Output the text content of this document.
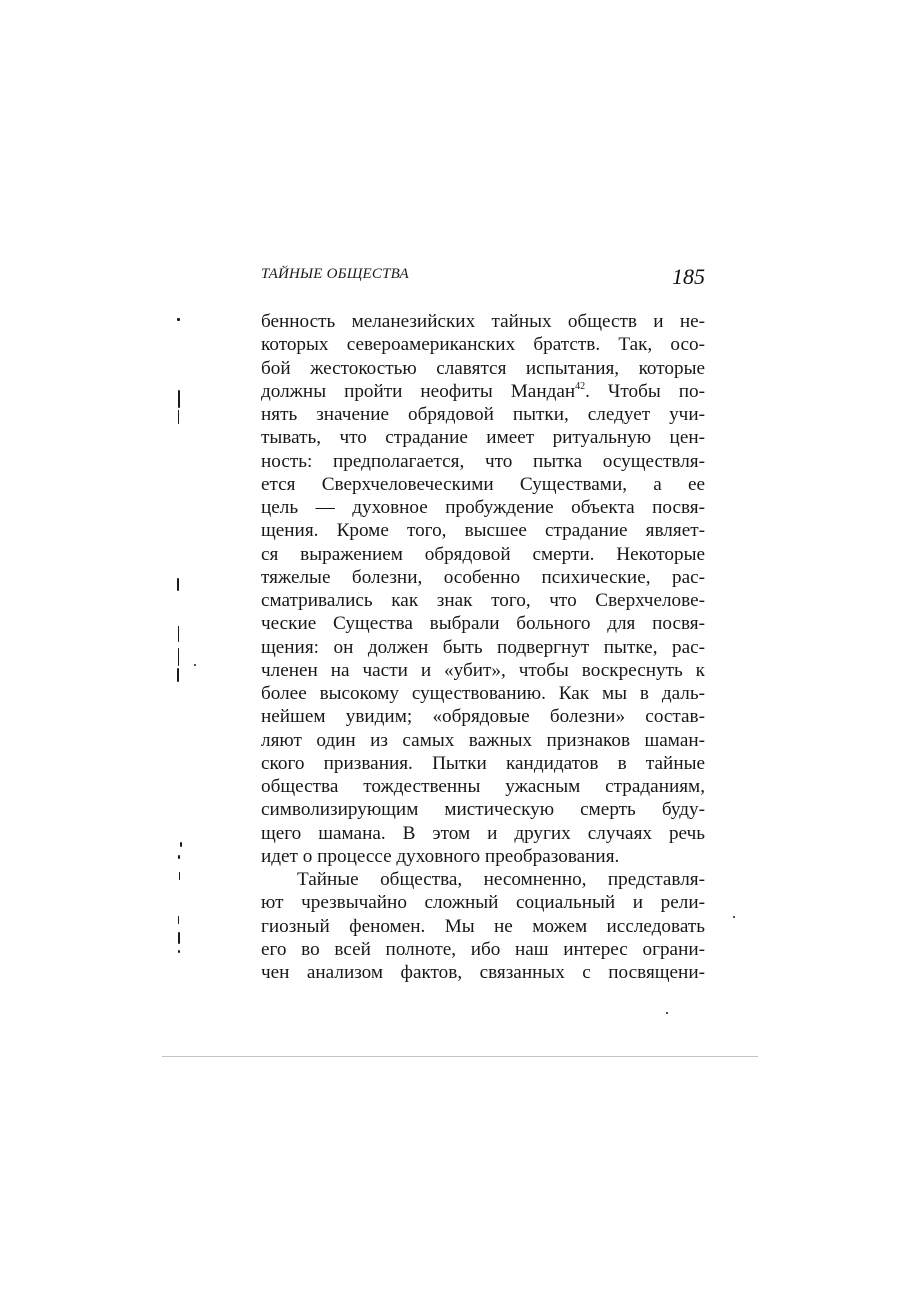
ТАЙНЫЕ ОБЩЕСТВА	185
бенность меланезийских тайных обществ и не-
которых североамериканских братств. Так, осо-
бой жестокостью славятся испытания, которые
должны пройти неофиты Мандан$^{42}$. Чтобы по-
нять значение обрядовой пытки, следует учи-
тывать, что страдание имеет ритуальную цен-
ность: предполагается, что пытка осуществля-
ется Сверхчеловеческими Существами, а ее
цель — духовное пробуждение объекта посвя-
щения. Кроме того, высшее страдание являет-
ся выражением обрядовой смерти. Некоторые
тяжелые болезни, особенно психические, рас-
сматривались как знак того, что Сверхчелове-
ческие Существа выбрали больного для посвя-
щения: он должен быть подвергнут пытке, рас-
членен на части и «убит», чтобы воскреснуть к
более высокому существованию. Как мы в даль-
нейшем увидим; «обрядовые болезни» состав-
ляют один из самых важных признаков шаман-
ского призвания. Пытки кандидатов в тайные
общества тождественны ужасным страданиям,
символизирующим мистическую смерть буду-
щего шамана. В этом и других случаях речь
идет о процессе духовного преобразования.
Тайные общества, несомненно, представля-
ют чрезвычайно сложный социальный и рели-
гиозный феномен. Мы не можем исследовать
его во всей полноте, ибо наш интерес ограни-
чен анализом фактов, связанных с посвящени-
